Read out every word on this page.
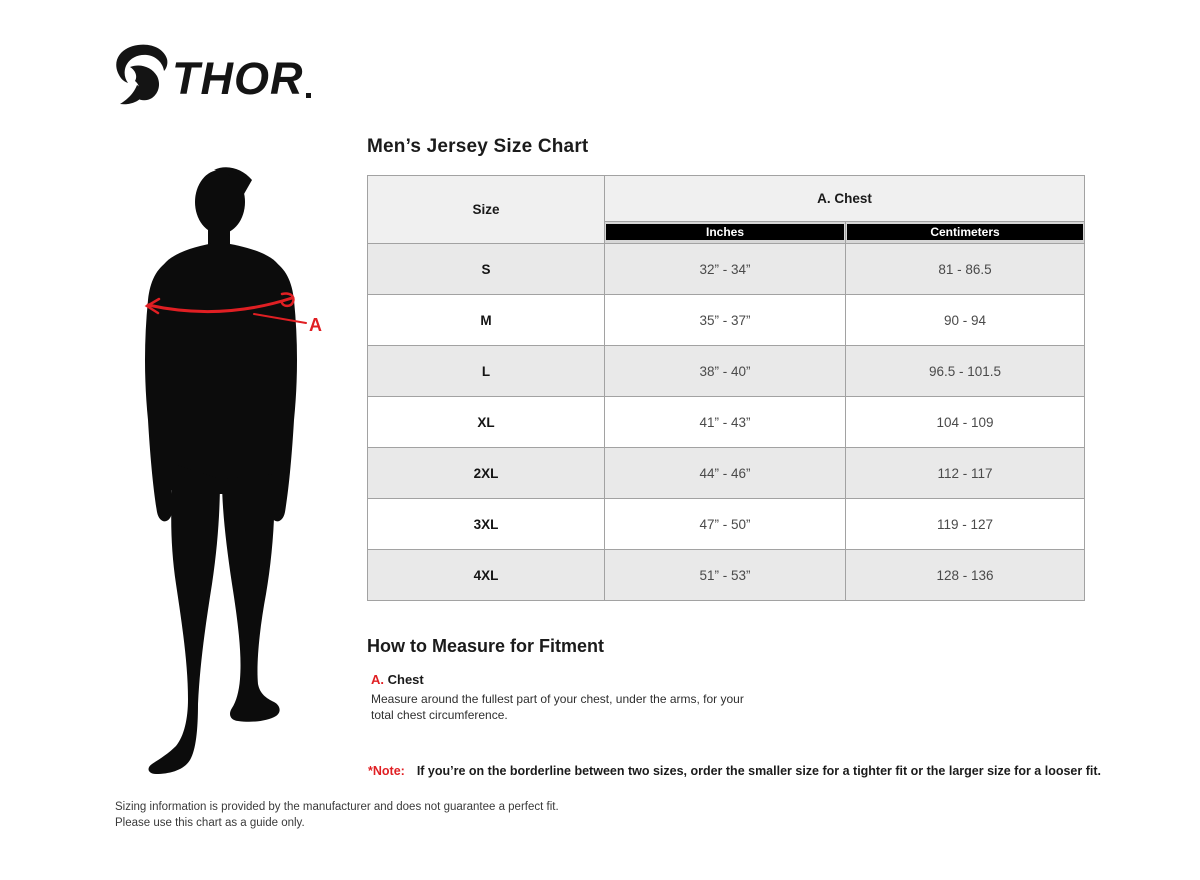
THOR
A
Men’s Jersey Size Chart
Size	A. Chest	

	Inches	Centimeters

S	32” - 34”	81 - 86.5
M	35” - 37”	90 - 94
L	38” - 40”	96.5 - 101.5
XL	41” - 43”	104 - 109
2XL	44” - 46”	112 - 117
3XL	47” - 50”	119 - 127
4XL	51” - 53”	128 - 136
How to Measure for Fitment
A. Chest
Measure around the fullest part of your chest, under the arms, for your
total chest circumference.
*Note: If you’re on the borderline between two sizes, order the smaller size for a tighter fit or the larger size for a looser fit.
Sizing information is provided by the manufacturer and does not guarantee a perfect fit.
Please use this chart as a guide only.
